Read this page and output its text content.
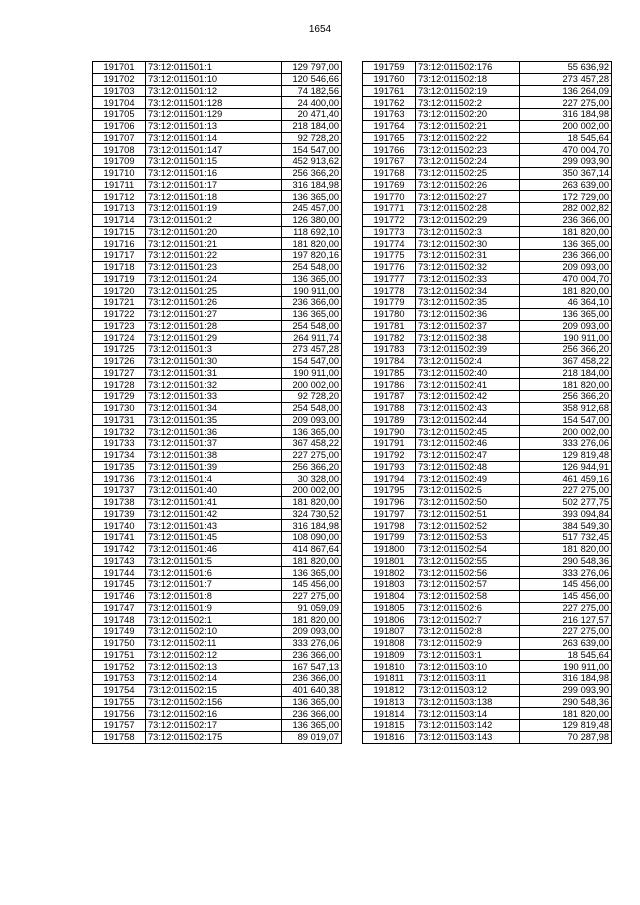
1654
191701	73:12:011501:1	129 797,00
191702	73:12:011501:10	120 546,66
191703	73:12:011501:12	74 182,56
191704	73:12:011501:128	24 400,00
191705	73:12:011501:129	20 471,40
191706	73:12:011501:13	218 184,00
191707	73:12:011501:14	92 728,20
191708	73:12:011501:147	154 547,00
191709	73:12:011501:15	452 913,62
191710	73:12:011501:16	256 366,20
191711	73:12:011501:17	316 184,98
191712	73:12:011501:18	136 365,00
191713	73:12:011501:19	245 457,00
191714	73:12:011501:2	126 380,00
191715	73:12:011501:20	118 692,10
191716	73:12:011501:21	181 820,00
191717	73:12:011501:22	197 820,16
191718	73:12:011501:23	254 548,00
191719	73:12:011501:24	136 365,00
191720	73:12:011501:25	190 911,00
191721	73:12:011501:26	236 366,00
191722	73:12:011501:27	136 365,00
191723	73:12:011501:28	254 548,00
191724	73:12:011501:29	264 911,74
191725	73:12:011501:3	273 457,28
191726	73:12:011501:30	154 547,00
191727	73:12:011501:31	190 911,00
191728	73:12:011501:32	200 002,00
191729	73:12:011501:33	92 728,20
191730	73:12:011501:34	254 548,00
191731	73:12:011501:35	209 093,00
191732	73:12:011501:36	136 365,00
191733	73:12:011501:37	367 458,22
191734	73:12:011501:38	227 275,00
191735	73:12:011501:39	256 366,20
191736	73:12:011501:4	30 328,00
191737	73:12:011501:40	200 002,00
191738	73:12:011501:41	181 820,00
191739	73:12:011501:42	324 730,52
191740	73:12:011501:43	316 184,98
191741	73:12:011501:45	108 090,00
191742	73:12:011501:46	414 867,64
191743	73:12:011501:5	181 820,00
191744	73:12:011501:6	136 365,00
191745	73:12:011501:7	145 456,00
191746	73:12:011501:8	227 275,00
191747	73:12:011501:9	91 059,09
191748	73:12:011502:1	181 820,00
191749	73:12:011502:10	209 093,00
191750	73:12:011502:11	333 276,06
191751	73:12:011502:12	236 366,00
191752	73:12:011502:13	167 547,13
191753	73:12:011502:14	236 366,00
191754	73:12:011502:15	401 640,38
191755	73:12:011502:156	136 365,00
191756	73:12:011502:16	236 366,00
191757	73:12:011502:17	136 365,00
191758	73:12:011502:175	89 019,07
191759	73:12:011502:176	55 636,92
191760	73:12:011502:18	273 457,28
191761	73:12:011502:19	136 264,09
191762	73:12:011502:2	227 275,00
191763	73:12:011502:20	316 184,98
191764	73:12:011502:21	200 002,00
191765	73:12:011502:22	18 545,64
191766	73:12:011502:23	470 004,70
191767	73:12:011502:24	299 093,90
191768	73:12:011502:25	350 367,14
191769	73:12:011502:26	263 639,00
191770	73:12:011502:27	172 729,00
191771	73:12:011502:28	282 002,82
191772	73:12:011502:29	236 366,00
191773	73:12:011502:3	181 820,00
191774	73:12:011502:30	136 365,00
191775	73:12:011502:31	236 366,00
191776	73:12:011502:32	209 093,00
191777	73:12:011502:33	470 004,70
191778	73:12:011502:34	181 820,00
191779	73:12:011502:35	46 364,10
191780	73:12:011502:36	136 365,00
191781	73:12:011502:37	209 093,00
191782	73:12:011502:38	190 911,00
191783	73:12:011502:39	256 366,20
191784	73:12:011502:4	367 458,22
191785	73:12:011502:40	218 184,00
191786	73:12:011502:41	181 820,00
191787	73:12:011502:42	256 366,20
191788	73:12:011502:43	358 912,68
191789	73:12:011502:44	154 547,00
191790	73:12:011502:45	200 002,00
191791	73:12:011502:46	333 276,06
191792	73:12:011502:47	129 819,48
191793	73:12:011502:48	126 944,91
191794	73:12:011502:49	461 459,16
191795	73:12:011502:5	227 275,00
191796	73:12:011502:50	502 277,75
191797	73:12:011502:51	393 094,84
191798	73:12:011502:52	384 549,30
191799	73:12:011502:53	517 732,45
191800	73:12:011502:54	181 820,00
191801	73:12:011502:55	290 548,36
191802	73:12:011502:56	333 276,06
191803	73:12:011502:57	145 456,00
191804	73:12:011502:58	145 456,00
191805	73:12:011502:6	227 275,00
191806	73:12:011502:7	216 127,57
191807	73:12:011502:8	227 275,00
191808	73:12:011502:9	263 639,00
191809	73:12:011503:1	18 545,64
191810	73:12:011503:10	190 911,00
191811	73:12:011503:11	316 184,98
191812	73:12:011503:12	299 093,90
191813	73:12:011503:138	290 548,36
191814	73:12:011503:14	181 820,00
191815	73:12:011503:142	129 819,48
191816	73:12:011503:143	70 287,98
